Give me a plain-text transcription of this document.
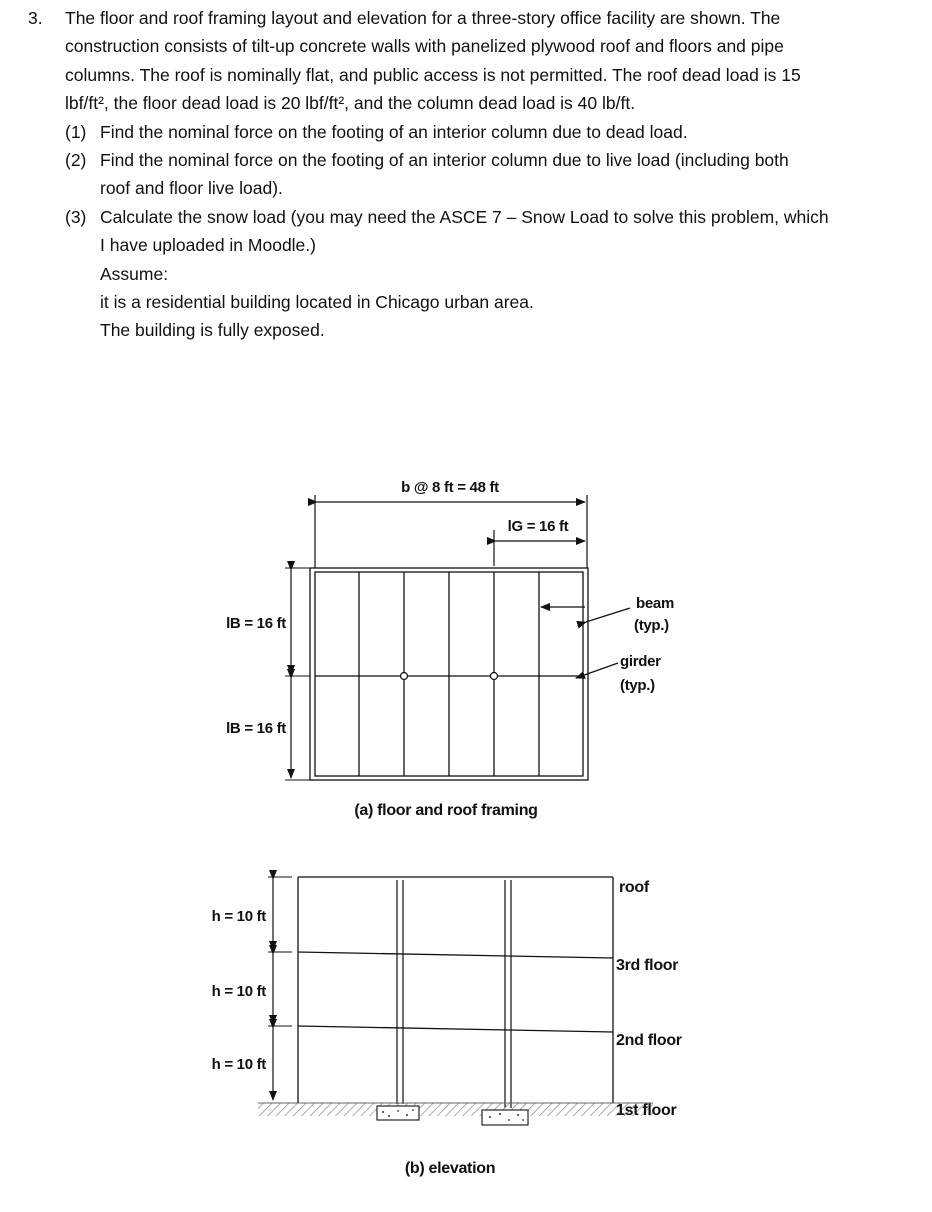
3. The floor and roof framing layout and elevation for a three-story office facility are shown. The
construction consists of tilt-up concrete walls with panelized plywood roof and floors and pipe
columns. The roof is nominally flat, and public access is not permitted. The roof dead load is 15
lbf/ft², the floor dead load is 20 lbf/ft², and the column dead load is 40 lb/ft.
(1) Find the nominal force on the footing of an interior column due to dead load.
(2) Find the nominal force on the footing of an interior column due to live load (including both
roof and floor live load).
(3) Calculate the snow load (you may need the ASCE 7 – Snow Load to solve this problem, which
I have uploaded in Moodle.)
Assume:
it is a residential building located in Chicago urban area.
The building is fully exposed.
b @ 8 ft = 48 ft
lG = 16 ft
lB = 16 ft
lB = 16 ft
beam
(typ.)
girder
(typ.)
(a) floor and roof framing
h = 10 ft
h = 10 ft
h = 10 ft
roof
3rd floor
2nd floor
1st floor
(b) elevation
